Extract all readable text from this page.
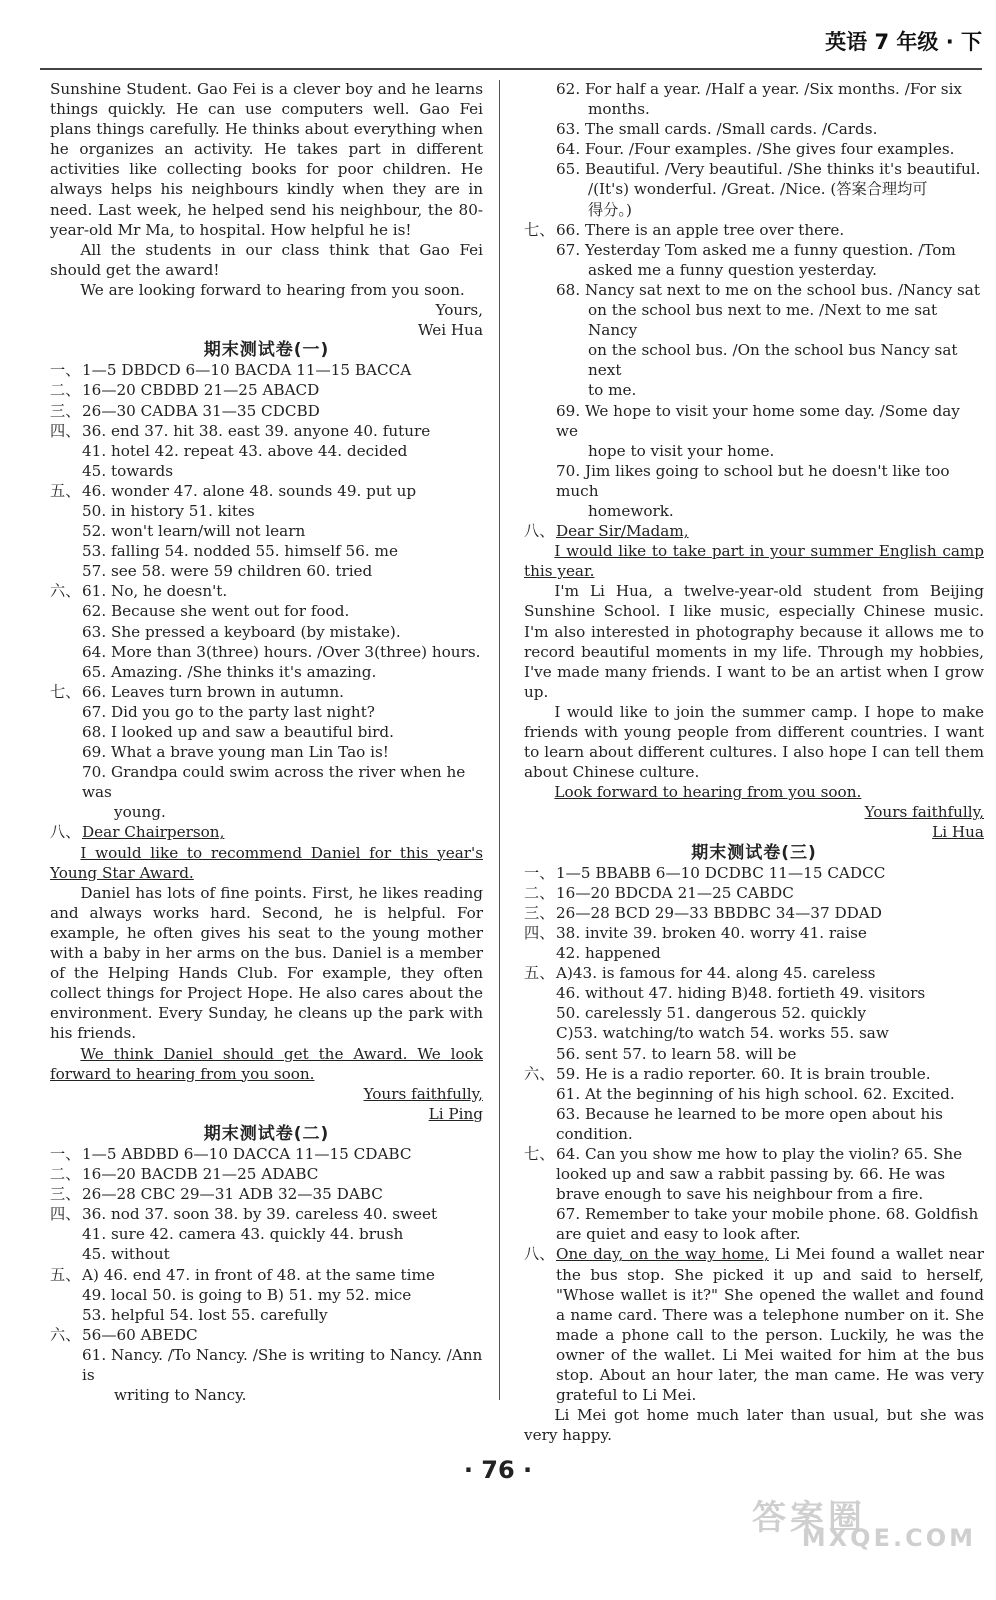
英语 7 年级 · 下

Sunshine Student. Gao Fei is a clever boy and he learns things quickly. He can use computers well. Gao Fei plans things carefully. He thinks about everything when he organizes an activity. He takes part in different activities like collecting books for poor children. He always helps his neighbours kindly when they are in need. Last week, he helped send his neighbour, the 80-year-old Mr Ma, to hospital. How helpful he is!

All the students in our class think that Gao Fei should get the award!

We are looking forward to hearing from you soon.

Yours,

Wei Hua

期末测试卷(一)

一、 1—5 DBDCD 6—10 BACDA 11—15 BACCA
二、 16—20 CBDBD 21—25 ABACD
三、 26—30 CADBA 31—35 CDCBD
四、 36. end 37. hit 38. east 39. anyone 40. future

41. hotel 42. repeat 43. above 44. decided

45. towards

五、 46. wonder 47. alone 48. sounds 49. put up

50. in history 51. kites

52. won't learn/will not learn

53. falling 54. nodded 55. himself 56. me

57. see 58. were 59 children 60. tried

六、 61. No, he doesn't.

62. Because she went out for food.

63. She pressed a keyboard (by mistake).

64. More than 3(three) hours. /Over 3(three) hours.

65. Amazing. /She thinks it's amazing.

七、 66. Leaves turn brown in autumn.

67. Did you go to the party last night?

68. I looked up and saw a beautiful bird.

69. What a brave young man Lin Tao is!

70. Grandpa could swim across the river when he was

young.

八、 Dear Chairperson,

I would like to recommend Daniel for this year's Young Star Award.

Daniel has lots of fine points. First, he likes reading and always works hard. Second, he is helpful. For example, he often gives his seat to the young mother with a baby in her arms on the bus. Daniel is a member of the Helping Hands Club. For example, they often collect things for Project Hope. He also cares about the environment. Every Sunday, he cleans up the park with his friends.

We think Daniel should get the Award. We look forward to hearing from you soon.

Yours faithfully,

Li Ping

期末测试卷(二)

一、 1—5 ABDBD 6—10 DACCA 11—15 CDABC
二、 16—20 BACDB 21—25 ADABC
三、 26—28 CBC 29—31 ADB 32—35 DABC
四、 36. nod 37. soon 38. by 39. careless 40. sweet

41. sure 42. camera 43. quickly 44. brush

45. without

五、 A) 46. end 47. in front of 48. at the same time

49. local 50. is going to B) 51. my 52. mice

53. helpful 54. lost 55. carefully

六、 56—60 ABEDC

61. Nancy. /To Nancy. /She is writing to Nancy. /Ann is

writing to Nancy.

62. For half a year. /Half a year. /Six months. /For six

months.

63. The small cards. /Small cards. /Cards.

64. Four. /Four examples. /She gives four examples.

65. Beautiful. /Very beautiful. /She thinks it's beautiful.

/(It's) wonderful. /Great. /Nice. (答案合理均可

得分。)

七、 66. There is an apple tree over there.

67. Yesterday Tom asked me a funny question. /Tom

asked me a funny question yesterday.

68. Nancy sat next to me on the school bus. /Nancy sat

on the school bus next to me. /Next to me sat Nancy

on the school bus. /On the school bus Nancy sat next

to me.

69. We hope to visit your home some day. /Some day we

hope to visit your home.

70. Jim likes going to school but he doesn't like too much

homework.

八、 Dear Sir/Madam,

I would like to take part in your summer English camp this year.

I'm Li Hua, a twelve-year-old student from Beijing Sunshine School. I like music, especially Chinese music. I'm also interested in photography because it allows me to record beautiful moments in my life. Through my hobbies, I've made many friends. I want to be an artist when I grow up.

I would like to join the summer camp. I hope to make friends with young people from different countries. I want to learn about different cultures. I also hope I can tell them about Chinese culture.

Look forward to hearing from you soon.

Yours faithfully,

Li Hua

期末测试卷(三)

一、 1—5 BBABB 6—10 DCDBC 11—15 CADCC
二、 16—20 BDCDA 21—25 CABDC
三、 26—28 BCD 29—33 BBDBC 34—37 DDAD
四、 38. invite 39. broken 40. worry 41. raise

42. happened

五、 A)43. is famous for 44. along 45. careless

46. without 47. hiding B)48. fortieth 49. visitors

50. carelessly 51. dangerous 52. quickly

C)53. watching/to watch 54. works 55. saw

56. sent 57. to learn 58. will be

六、 59. He is a radio reporter. 60. It is brain trouble.

61. At the beginning of his high school. 62. Excited.

63. Because he learned to be more open about his condition.

七、 64. Can you show me how to play the violin? 65. She

looked up and saw a rabbit passing by. 66. He was

brave enough to save his neighbour from a fire.

67. Remember to take your mobile phone. 68. Goldfish

are quiet and easy to look after.

八、 One day, on the way home, Li Mei found a wallet near the bus stop. She picked it up and said to herself, "Whose wallet is it?" She opened the wallet and found a name card. There was a telephone number on it. She made a phone call to the person. Luckily, he was the owner of the wallet. Li Mei waited for him at the bus stop. About an hour later, the man came. He was very grateful to Li Mei.

Li Mei got home much later than usual, but she was very happy.

· 76 ·
答案圈
MXQE.COM
